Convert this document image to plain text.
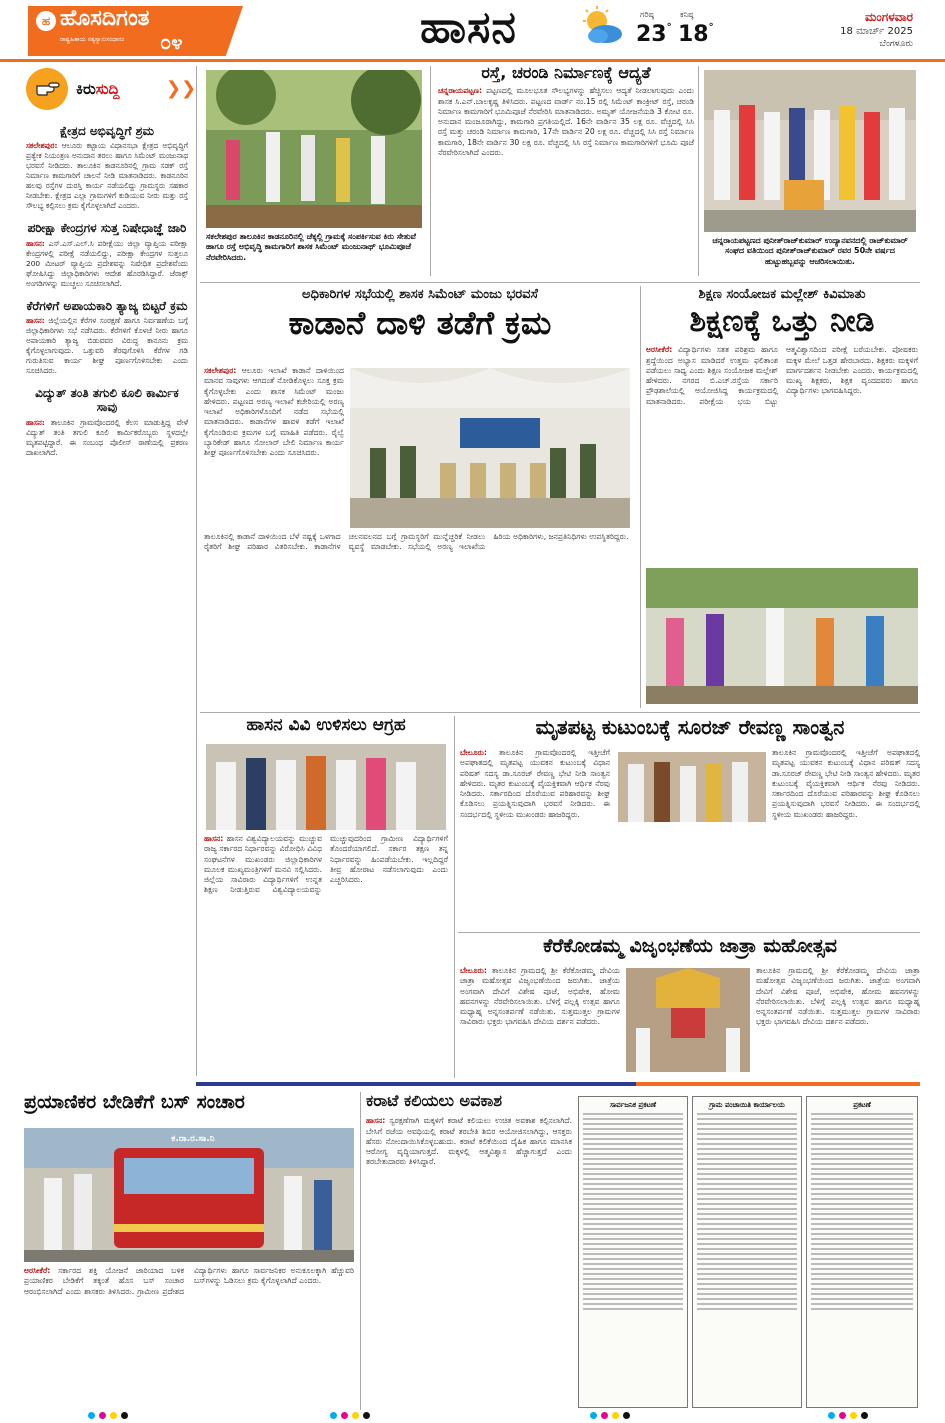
ಹ ಹೊಸದಿಗಂತ
ರಾಷ್ಟ್ರಹಿತಾಯ ಸತ್ಯಸ್ಯಾನುಸಂಧಾನಂ ೦೪	ಹಾಸನ	ಗರಿಷ್ಠ
23°
ಕನಿಷ್ಠ
18°
ಮಂಗಳವಾರ
18 ಮಾರ್ಚ್ 2025
ಬೆಂಗಳೂರು
ಕಿರುಸುದ್ದಿ	❯❯
ಕ್ಷೇತ್ರದ ಅಭಿವೃದ್ಧಿಗೆ ಶ್ರಮ
ಸಕಲೇಶಪುರ: ಆಲೂರು ಕಟ್ಟಾಯ ವಿಧಾನಸಭಾ ಕ್ಷೇತ್ರದ ಅಭಿವೃದ್ಧಿಗೆ ಪ್ರತ್ಯೇಕ ನಿಯಂತ್ರಣ ಅನುದಾನ ತರಲು ಹಾಗೂ ಸಿಮೆಂಟ್ ಮಂಜುನಾಥ ಭರವಸೆ ನೀಡಿದರು. ತಾಲೂಕಿನ ಕಾಡನೂರಿನಲ್ಲಿ ಗ್ರಾಮ ಸಡಕ್ ರಸ್ತೆ ನಿರ್ಮಾಣ ಕಾಮಗಾರಿಗೆ ಚಾಲನೆ ನೀಡಿ ಮಾತನಾಡಿದರು. ಕಾಡನೂರಿನ ಹಲವು ರಸ್ತೆಗಳ ದುರಸ್ತಿ ಕಾರ್ಯ ನಡೆಯಲಿದ್ದು ಗ್ರಾಮಸ್ಥರು ಸಹಕಾರ ನೀಡಬೇಕು. ಕ್ಷೇತ್ರದ ಎಲ್ಲಾ ಗ್ರಾಮಗಳಿಗೆ ಕುಡಿಯುವ ನೀರು ಮತ್ತು ರಸ್ತೆ ಸೌಲಭ್ಯ ಕಲ್ಪಿಸಲು ಕ್ರಮ ಕೈಗೊಳ್ಳಲಾಗಿದೆ ಎಂದರು.
ಪರೀಕ್ಷಾ ಕೇಂದ್ರಗಳ ಸುತ್ತ ನಿಷೇಧಾಜ್ಞೆ ಜಾರಿ
ಹಾಸನ: ಎಸ್.ಎಸ್.ಎಲ್.ಸಿ ಪರೀಕ್ಷೆಯು ಜಿಲ್ಲಾ ವ್ಯಾಪ್ತಿಯ ಪರೀಕ್ಷಾ ಕೇಂದ್ರಗಳಲ್ಲಿ ಪರೀಕ್ಷೆ ನಡೆಯಲಿದ್ದು, ಪರೀಕ್ಷಾ ಕೇಂದ್ರಗಳ ಸುತ್ತಲೂ 200 ಮೀಟರ್ ವ್ಯಾಪ್ತಿಯ ಪ್ರದೇಶವನ್ನು ನಿಷೇಧಿತ ಪ್ರದೇಶವೆಂದು ಘೋಷಿಸಿದ್ದು ಜಿಲ್ಲಾಧಿಕಾರಿಗಳು ಆದೇಶ ಹೊರಡಿಸಿದ್ದಾರೆ. ಜೆರಾಕ್ಸ್ ಅಂಗಡಿಗಳನ್ನು ಮುಚ್ಚಲು ಸೂಚಿಸಲಾಗಿದೆ.
ಕೆರೆಗಳಿಗೆ ಅಪಾಯಕಾರಿ ತ್ಯಾಜ್ಯ ಬಿಟ್ಟರೆ ಕ್ರಮ
ಹಾಸನ: ಜಿಲ್ಲೆಯಲ್ಲಿನ ಕೆರೆಗಳ ಸಂರಕ್ಷಣೆ ಹಾಗೂ ನಿರ್ವಹಣೆಯ ಬಗ್ಗೆ ಜಿಲ್ಲಾಧಿಕಾರಿಗಳು ಸಭೆ ನಡೆಸಿದರು. ಕೆರೆಗಳಿಗೆ ಕೊಳಚೆ ನೀರು ಹಾಗೂ ಅಪಾಯಕಾರಿ ತ್ಯಾಜ್ಯ ಬಿಡುವವರ ವಿರುದ್ಧ ಕಾನೂನು ಕ್ರಮ ಕೈಗೊಳ್ಳಲಾಗುವುದು. ಒತ್ತುವರಿ ತೆರವುಗೊಳಿಸಿ ಕೆರೆಗಳ ಗಡಿ ಗುರುತಿಸುವ ಕಾರ್ಯ ಶೀಘ್ರ ಪೂರ್ಣಗೊಳಿಸಬೇಕು ಎಂದು ಸೂಚಿಸಿದರು.
ವಿದ್ಯುತ್ ತಂತಿ ತಗುಲಿ ಕೂಲಿ ಕಾರ್ಮಿಕ ಸಾವು
ಹಾಸನ: ತಾಲೂಕಿನ ಗ್ರಾಮವೊಂದರಲ್ಲಿ ಕೆಲಸ ಮಾಡುತ್ತಿದ್ದ ವೇಳೆ ವಿದ್ಯುತ್ ತಂತಿ ತಗುಲಿ ಕೂಲಿ ಕಾರ್ಮಿಕರೊಬ್ಬರು ಸ್ಥಳದಲ್ಲೇ ಮೃತಪಟ್ಟಿದ್ದಾರೆ. ಈ ಸಂಬಂಧ ಪೊಲೀಸ್ ಠಾಣೆಯಲ್ಲಿ ಪ್ರಕರಣ ದಾಖಲಾಗಿದೆ.
ಸಕಲೇಶಪುರ ತಾಲೂಕಿನ ಕಾಡನೂರಿನಲ್ಲಿ ಚೆಕ್ಕಲ್ಲಿ ಗ್ರಾಮಕ್ಕೆ ಸಂಪರ್ಕಿಸುವ ಕಿರು ಸೇತುವೆ ಹಾಗೂ ರಸ್ತೆ ಅಭಿವೃದ್ಧಿ ಕಾಮಗಾರಿಗೆ ಶಾಸಕ ಸಿಮೆಂಟ್ ಮಂಜುನಾಥ್ ಭೂಮಿಪೂಜೆ ನೆರವೇರಿಸಿದರು.
ರಸ್ತೆ, ಚರಂಡಿ ನಿರ್ಮಾಣಕ್ಕೆ ಆದ್ಯತೆ
ಚನ್ನರಾಯಪಟ್ಟಣ: ಪಟ್ಟಣದಲ್ಲಿ ಮೂಲಭೂತ ಸೌಲಭ್ಯಗಳನ್ನು ಹೆಚ್ಚಿಸಲು ಆದ್ಯತೆ ನೀಡಲಾಗುವುದು ಎಂದು ಶಾಸಕ ಸಿ.ಎನ್.ಬಾಲಕೃಷ್ಣ ತಿಳಿಸಿದರು. ಪಟ್ಟಣದ ವಾರ್ಡ್ ನಂ.15 ರಲ್ಲಿ ಸಿಮೆಂಟ್ ಕಾಂಕ್ರೀಟ್ ರಸ್ತೆ, ಚರಂಡಿ ನಿರ್ಮಾಣ ಕಾಮಗಾರಿಗೆ ಭೂಮಿಪೂಜೆ ನೆರವೇರಿಸಿ ಮಾತನಾಡಿದರು. ಅಮೃತ್ ಯೋಜನೆಯಡಿ 3 ಕೋಟಿ ರೂ. ಅನುದಾನ ಮಂಜೂರಾಗಿದ್ದು, ಕಾಮಗಾರಿ ಪ್ರಗತಿಯಲ್ಲಿದೆ. 16ನೇ ವಾರ್ಡಿನ 35 ಲಕ್ಷ ರೂ. ವೆಚ್ಚದಲ್ಲಿ ಸಿಸಿ ರಸ್ತೆ ಮತ್ತು ಚರಂಡಿ ನಿರ್ಮಾಣ ಕಾಮಗಾರಿ, 17ನೇ ವಾರ್ಡಿನ 20 ಲಕ್ಷ ರೂ. ವೆಚ್ಚದಲ್ಲಿ ಸಿಸಿ ರಸ್ತೆ ನಿರ್ಮಾಣ ಕಾಮಗಾರಿ, 18ನೇ ವಾರ್ಡಿನ 30 ಲಕ್ಷ ರೂ. ವೆಚ್ಚದಲ್ಲಿ ಸಿಸಿ ರಸ್ತೆ ನಿರ್ಮಾಣ ಕಾಮಗಾರಿಗಳಿಗೆ ಭೂಮಿ ಪೂಜೆ ನೆರವೇರಿಸಲಾಗಿದೆ ಎಂದರು.
ಚನ್ನರಾಯಪಟ್ಟಣದ ಪುನೀತ್‌ರಾಜ್‌ಕುಮಾರ್ ಉದ್ಯಾನವನದಲ್ಲಿ ರಾಜ್‌ಕುಮಾರ್ ಸಂಘದ ವತಿಯಿಂದ ಪುನೀತ್‌ರಾಜ್‌ಕುಮಾರ್ ರವರ 50ನೇ ವರ್ಷದ ಹುಟ್ಟುಹಬ್ಬವನ್ನು ಆಚರಿಸಲಾಯಿತು.
ಅಧಿಕಾರಿಗಳ ಸಭೆಯಲ್ಲಿ ಶಾಸಕ ಸಿಮೆಂಟ್ ಮಂಜು ಭರವಸೆ
ಕಾಡಾನೆ ದಾಳಿ ತಡೆಗೆ ಕ್ರಮ
ಸಕಲೇಶಪುರ: ಆಲೂರು ಇಲಾಖೆ ಕಾಡಾನೆ ದಾಳಿಯಿಂದ ಮಾನವ ಸಾವುಗಳು ಆಗದಂತೆ ನೋಡಿಕೊಳ್ಳಲು ಸೂಕ್ತ ಕ್ರಮ ಕೈಗೊಳ್ಳಬೇಕು ಎಂದು ಶಾಸಕ ಸಿಮೆಂಟ್ ಮಂಜು ಹೇಳಿದರು. ಪಟ್ಟಣದ ಅರಣ್ಯ ಇಲಾಖೆ ಕಚೇರಿಯಲ್ಲಿ ಅರಣ್ಯ ಇಲಾಖೆ ಅಧಿಕಾರಿಗಳೊಂದಿಗೆ ನಡೆದ ಸಭೆಯಲ್ಲಿ ಮಾತನಾಡಿದರು. ಕಾಡಾನೆಗಳ ಹಾವಳಿ ತಡೆಗೆ ಇಲಾಖೆ ಕೈಗೊಂಡಿರುವ ಕ್ರಮಗಳ ಬಗ್ಗೆ ಮಾಹಿತಿ ಪಡೆದರು. ರೈಲ್ವೆ ಬ್ಯಾರಿಕೇಡ್ ಹಾಗೂ ಸೋಲಾರ್ ಬೇಲಿ ನಿರ್ಮಾಣ ಕಾರ್ಯ ಶೀಘ್ರ ಪೂರ್ಣಗೊಳಿಸಬೇಕು ಎಂದು ಸೂಚಿಸಿದರು.
ತಾಲೂಕಿನಲ್ಲಿ ಕಾಡಾನೆ ದಾಳಿಯಿಂದ ಬೆಳೆ ನಷ್ಟಕ್ಕೆ ಒಳಗಾದ ರೈತರಿಗೆ ಶೀಘ್ರ ಪರಿಹಾರ ವಿತರಿಸಬೇಕು. ಕಾಡಾನೆಗಳ ಚಲನವಲನದ ಬಗ್ಗೆ ಗ್ರಾಮಸ್ಥರಿಗೆ ಮುನ್ನೆಚ್ಚರಿಕೆ ನೀಡಲು ವ್ಯವಸ್ಥೆ ಮಾಡಬೇಕು. ಸಭೆಯಲ್ಲಿ ಅರಣ್ಯ ಇಲಾಖೆಯ ಹಿರಿಯ ಅಧಿಕಾರಿಗಳು, ಜನಪ್ರತಿನಿಧಿಗಳು ಉಪಸ್ಥಿತರಿದ್ದರು.
ಶಿಕ್ಷಣ ಸಂಯೋಜಕ ಮಲ್ಲೇಶ್ ಕಿವಿಮಾತು
ಶಿಕ್ಷಣಕ್ಕೆ ಒತ್ತು ನೀಡಿ
ಅರಸೀಕೆರೆ: ವಿದ್ಯಾರ್ಥಿಗಳು ಸತತ ಪರಿಶ್ರಮ ಹಾಗೂ ಶ್ರದ್ಧೆಯಿಂದ ಅಭ್ಯಾಸ ಮಾಡಿದರೆ ಉತ್ತಮ ಫಲಿತಾಂಶ ಪಡೆಯಲು ಸಾಧ್ಯ ಎಂದು ಶಿಕ್ಷಣ ಸಂಯೋಜಕ ಮಲ್ಲೇಶ್ ಹೇಳಿದರು. ನಗರದ ಬಿ.ಎಚ್.ರಸ್ತೆಯ ಸರ್ಕಾರಿ ಪ್ರೌಢಶಾಲೆಯಲ್ಲಿ ಆಯೋಜಿಸಿದ್ದ ಕಾರ್ಯಕ್ರಮದಲ್ಲಿ ಮಾತನಾಡಿದರು. ಪರೀಕ್ಷೆಯ ಭಯ ಬಿಟ್ಟು ಆತ್ಮವಿಶ್ವಾಸದಿಂದ ಪರೀಕ್ಷೆ ಬರೆಯಬೇಕು. ಪೋಷಕರು ಮಕ್ಕಳ ಮೇಲೆ ಒತ್ತಡ ಹೇರಬಾರದು. ಶಿಕ್ಷಕರು ಮಕ್ಕಳಿಗೆ ಮಾರ್ಗದರ್ಶನ ನೀಡಬೇಕು ಎಂದರು. ಕಾರ್ಯಕ್ರಮದಲ್ಲಿ ಮುಖ್ಯ ಶಿಕ್ಷಕರು, ಶಿಕ್ಷಕ ವೃಂದದವರು ಹಾಗೂ ವಿದ್ಯಾರ್ಥಿಗಳು ಭಾಗವಹಿಸಿದ್ದರು.
ಹಾಸನ ವಿವಿ ಉಳಿಸಲು ಆಗ್ರಹ
ಹಾಸನ: ಹಾಸನ ವಿಶ್ವವಿದ್ಯಾಲಯವನ್ನು ಮುಚ್ಚುವ ರಾಜ್ಯ ಸರ್ಕಾರದ ನಿರ್ಧಾರವನ್ನು ವಿರೋಧಿಸಿ ವಿವಿಧ ಸಂಘಟನೆಗಳ ಮುಖಂಡರು ಜಿಲ್ಲಾಧಿಕಾರಿಗಳ ಮೂಲಕ ಮುಖ್ಯಮಂತ್ರಿಗಳಿಗೆ ಮನವಿ ಸಲ್ಲಿಸಿದರು. ಜಿಲ್ಲೆಯ ಸಾವಿರಾರು ವಿದ್ಯಾರ್ಥಿಗಳಿಗೆ ಉನ್ನತ ಶಿಕ್ಷಣ ನೀಡುತ್ತಿರುವ ವಿಶ್ವವಿದ್ಯಾಲಯವನ್ನು ಮುಚ್ಚುವುದರಿಂದ ಗ್ರಾಮೀಣ ವಿದ್ಯಾರ್ಥಿಗಳಿಗೆ ತೊಂದರೆಯಾಗಲಿದೆ. ಸರ್ಕಾರ ತಕ್ಷಣ ತನ್ನ ನಿರ್ಧಾರವನ್ನು ಹಿಂಪಡೆಯಬೇಕು. ಇಲ್ಲದಿದ್ದರೆ ತೀವ್ರ ಹೋರಾಟ ನಡೆಸಲಾಗುವುದು ಎಂದು ಎಚ್ಚರಿಸಿದರು.
ಮೃತಪಟ್ಟ ಕುಟುಂಬಕ್ಕೆ ಸೂರಜ್ ರೇವಣ್ಣ ಸಾಂತ್ವನ
ಬೇಲೂರು: ತಾಲೂಕಿನ ಗ್ರಾಮವೊಂದರಲ್ಲಿ ಇತ್ತೀಚೆಗೆ ಅಪಘಾತದಲ್ಲಿ ಮೃತಪಟ್ಟ ಯುವಕನ ಕುಟುಂಬಕ್ಕೆ ವಿಧಾನ ಪರಿಷತ್ ಸದಸ್ಯ ಡಾ.ಸೂರಜ್ ರೇವಣ್ಣ ಭೇಟಿ ನೀಡಿ ಸಾಂತ್ವನ ಹೇಳಿದರು. ಮೃತರ ಕುಟುಂಬಕ್ಕೆ ವೈಯಕ್ತಿಕವಾಗಿ ಆರ್ಥಿಕ ನೆರವು ನೀಡಿದರು. ಸರ್ಕಾರದಿಂದ ದೊರೆಯುವ ಪರಿಹಾರವನ್ನು ಶೀಘ್ರ ಕೊಡಿಸಲು ಪ್ರಯತ್ನಿಸುವುದಾಗಿ ಭರವಸೆ ನೀಡಿದರು. ಈ ಸಂದರ್ಭದಲ್ಲಿ ಸ್ಥಳೀಯ ಮುಖಂಡರು ಹಾಜರಿದ್ದರು.
ತಾಲೂಕಿನ ಗ್ರಾಮವೊಂದರಲ್ಲಿ ಇತ್ತೀಚೆಗೆ ಅಪಘಾತದಲ್ಲಿ ಮೃತಪಟ್ಟ ಯುವಕನ ಕುಟುಂಬಕ್ಕೆ ವಿಧಾನ ಪರಿಷತ್ ಸದಸ್ಯ ಡಾ.ಸೂರಜ್ ರೇವಣ್ಣ ಭೇಟಿ ನೀಡಿ ಸಾಂತ್ವನ ಹೇಳಿದರು. ಮೃತರ ಕುಟುಂಬಕ್ಕೆ ವೈಯಕ್ತಿಕವಾಗಿ ಆರ್ಥಿಕ ನೆರವು ನೀಡಿದರು. ಸರ್ಕಾರದಿಂದ ದೊರೆಯುವ ಪರಿಹಾರವನ್ನು ಶೀಘ್ರ ಕೊಡಿಸಲು ಪ್ರಯತ್ನಿಸುವುದಾಗಿ ಭರವಸೆ ನೀಡಿದರು. ಈ ಸಂದರ್ಭದಲ್ಲಿ ಸ್ಥಳೀಯ ಮುಖಂಡರು ಹಾಜರಿದ್ದರು.
ಕೆರೆಕೋಡಮ್ಮ ವಿಜೃಂಭಣೆಯ ಜಾತ್ರಾ ಮಹೋತ್ಸವ
ಬೇಲೂರು: ತಾಲೂಕಿನ ಗ್ರಾಮದಲ್ಲಿ ಶ್ರೀ ಕೆರೆಕೋಡಮ್ಮ ದೇವಿಯ ಜಾತ್ರಾ ಮಹೋತ್ಸವ ವಿಜೃಂಭಣೆಯಿಂದ ಜರುಗಿತು. ಜಾತ್ರೆಯ ಅಂಗವಾಗಿ ದೇವಿಗೆ ವಿಶೇಷ ಪೂಜೆ, ಅಭಿಷೇಕ, ಹೋಮ ಹವನಗಳನ್ನು ನೆರವೇರಿಸಲಾಯಿತು. ಬೆಳಿಗ್ಗೆ ಪಲ್ಲಕ್ಕಿ ಉತ್ಸವ ಹಾಗೂ ಮಧ್ಯಾಹ್ನ ಅನ್ನಸಂತರ್ಪಣೆ ನಡೆಯಿತು. ಸುತ್ತಮುತ್ತಲ ಗ್ರಾಮಗಳ ಸಾವಿರಾರು ಭಕ್ತರು ಭಾಗವಹಿಸಿ ದೇವಿಯ ದರ್ಶನ ಪಡೆದರು.
ತಾಲೂಕಿನ ಗ್ರಾಮದಲ್ಲಿ ಶ್ರೀ ಕೆರೆಕೋಡಮ್ಮ ದೇವಿಯ ಜಾತ್ರಾ ಮಹೋತ್ಸವ ವಿಜೃಂಭಣೆಯಿಂದ ಜರುಗಿತು. ಜಾತ್ರೆಯ ಅಂಗವಾಗಿ ದೇವಿಗೆ ವಿಶೇಷ ಪೂಜೆ, ಅಭಿಷೇಕ, ಹೋಮ ಹವನಗಳನ್ನು ನೆರವೇರಿಸಲಾಯಿತು. ಬೆಳಿಗ್ಗೆ ಪಲ್ಲಕ್ಕಿ ಉತ್ಸವ ಹಾಗೂ ಮಧ್ಯಾಹ್ನ ಅನ್ನಸಂತರ್ಪಣೆ ನಡೆಯಿತು. ಸುತ್ತಮುತ್ತಲ ಗ್ರಾಮಗಳ ಸಾವಿರಾರು ಭಕ್ತರು ಭಾಗವಹಿಸಿ ದೇವಿಯ ದರ್ಶನ ಪಡೆದರು.
ಪ್ರಯಾಣಿಕರ ಬೇಡಿಕೆಗೆ ಬಸ್ ಸಂಚಾರ
ಕ.ರಾ.ರ.ಸಾ.ನಿ
ಅರಸೀಕೆರೆ: ಸರ್ಕಾರದ ಶಕ್ತಿ ಯೋಜನೆ ಜಾರಿಯಾದ ಬಳಿಕ ಪ್ರಯಾಣಿಕರ ಬೇಡಿಕೆಗೆ ತಕ್ಕಂತೆ ಹೊಸ ಬಸ್ ಸಂಚಾರ ಆರಂಭಿಸಲಾಗಿದೆ ಎಂದು ಶಾಸಕರು ತಿಳಿಸಿದರು. ಗ್ರಾಮೀಣ ಪ್ರದೇಶದ ವಿದ್ಯಾರ್ಥಿಗಳು ಹಾಗೂ ಸಾರ್ವಜನಿಕರ ಅನುಕೂಲಕ್ಕಾಗಿ ಹೆಚ್ಚುವರಿ ಬಸ್‌ಗಳನ್ನು ಓಡಿಸಲು ಕ್ರಮ ಕೈಗೊಳ್ಳಲಾಗಿದೆ ಎಂದರು.
ಕರಾಟೆ ಕಲಿಯಲು ಅವಕಾಶ
ಹಾಸನ: ಸ್ವರಕ್ಷಣೆಗಾಗಿ ಮಕ್ಕಳಿಗೆ ಕರಾಟೆ ಕಲಿಯಲು ಉಚಿತ ಅವಕಾಶ ಕಲ್ಪಿಸಲಾಗಿದೆ. ಬೇಸಿಗೆ ರಜೆಯ ಅವಧಿಯಲ್ಲಿ ಕರಾಟೆ ತರಬೇತಿ ಶಿಬಿರ ಆಯೋಜಿಸಲಾಗಿದ್ದು, ಆಸಕ್ತರು ಹೆಸರು ನೋಂದಾಯಿಸಿಕೊಳ್ಳಬಹುದು. ಕರಾಟೆ ಕಲಿಕೆಯಿಂದ ದೈಹಿಕ ಹಾಗೂ ಮಾನಸಿಕ ಆರೋಗ್ಯ ವೃದ್ಧಿಯಾಗುತ್ತದೆ. ಮಕ್ಕಳಲ್ಲಿ ಆತ್ಮವಿಶ್ವಾಸ ಹೆಚ್ಚಾಗುತ್ತದೆ ಎಂದು ತರಬೇತುದಾರರು ತಿಳಿಸಿದ್ದಾರೆ.
ಸಾರ್ವಜನಿಕ ಪ್ರಕಟಣೆ	ಗ್ರಾಮ ಪಂಚಾಯಿತಿ ಕಾರ್ಯಾಲಯ	ಪ್ರಕಟಣೆ
